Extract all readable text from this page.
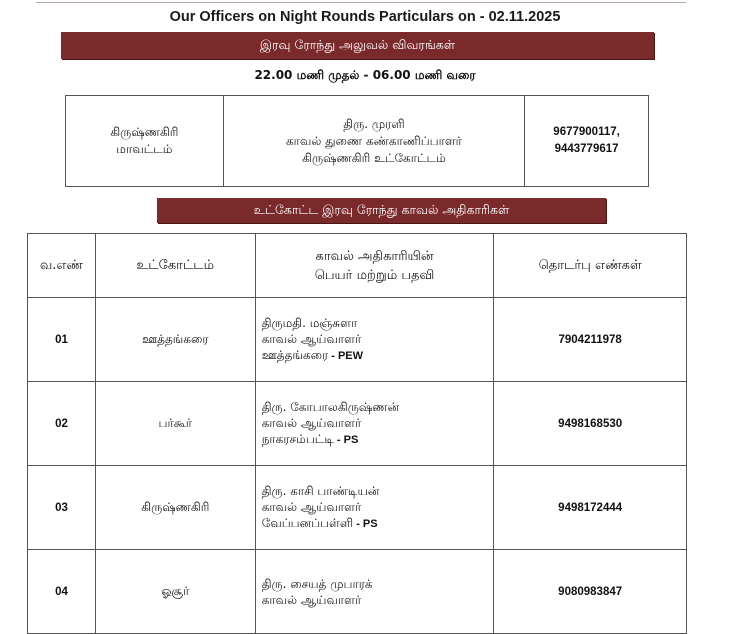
Our Officers on Night Rounds Particulars on - 02.11.2025
இரவு ரோந்து அலுவல் விவரங்கள்
22.00 மணி முதல் - 06.00 மணி வரை
கிருஷ்ணகிரி
மாவட்டம்

திரு. முரளி
காவல் துணை கண்காணிப்பாளர்
கிருஷ்ணகிரி உட்கோட்டம்

9677900117,
9443779617
உட்கோட்ட இரவு ரோந்து காவல் அதிகாரிகள்
வ.எண்	உட்கோட்டம்	காவல் அதிகாரியின்
பெயர் மற்றும் பதவி	தொடர்பு எண்கள்
01	ஊத்தங்கரை	திருமதி. மஞ்சுளா
காவல் ஆய்வாளர்
ஊத்தங்கரை - PEW	7904211978
02	பர்கூர்	திரு. கோபாலகிருஷ்ணன்
காவல் ஆய்வாளர்
நாகரசம்பட்டி - PS	9498168530
03	கிருஷ்ணகிரி	திரு. காசி பாண்டியன்
காவல் ஆய்வாளர்
வேப்பனப்பள்ளி - PS	9498172444
04	ஓசூர்	திரு. சையத் முபாரக்
காவல் ஆய்வாளர்	9080983847
